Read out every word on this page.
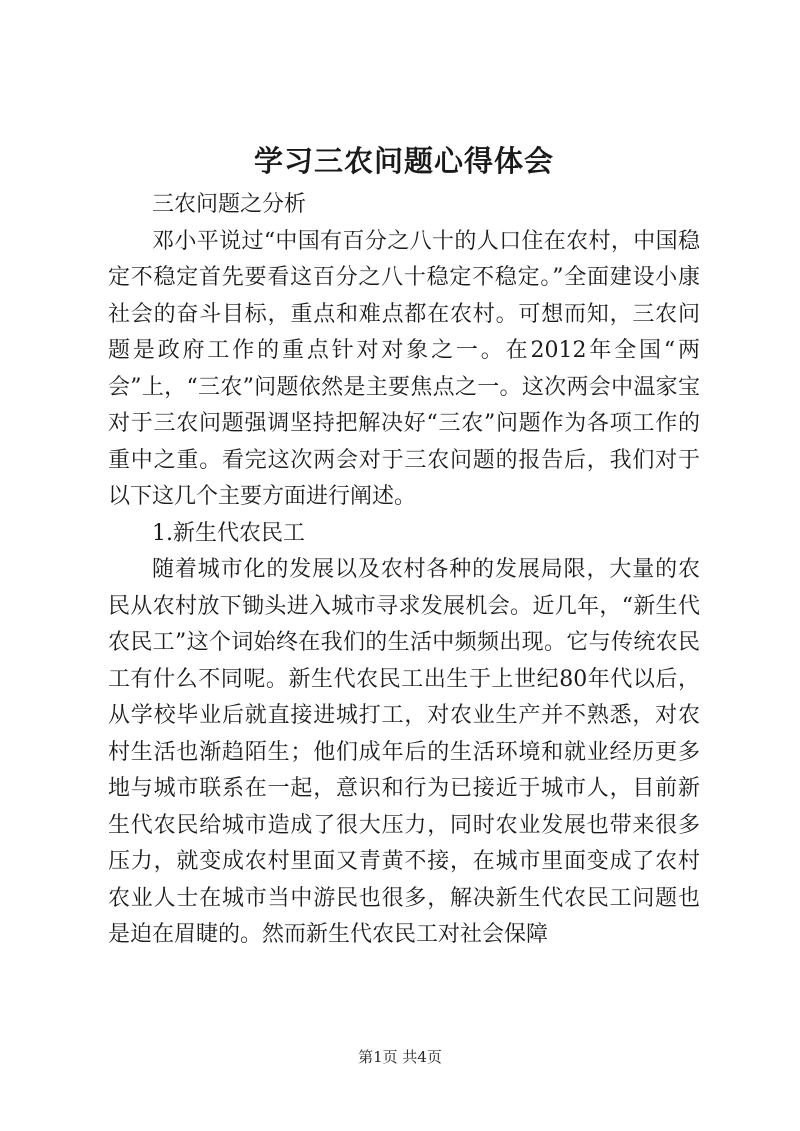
学习三农问题心得体会

三农问题之分析

邓小平说过“中国有百分之八十的人口住在农村，中国稳定不稳定首先要看这百分之八十稳定不稳定。”全面建设小康社会的奋斗目标，重点和难点都在农村。可想而知，三农问题是政府工作的重点针对对象之一。在2012年全国“两会”上，“三农”问题依然是主要焦点之一。这次两会中温家宝对于三农问题强调坚持把解决好“三农”问题作为各项工作的重中之重。看完这次两会对于三农问题的报告后，我们对于以下这几个主要方面进行阐述。

1.新生代农民工

随着城市化的发展以及农村各种的发展局限，大量的农民从农村放下锄头进入城市寻求发展机会。近几年，“新生代农民工”这个词始终在我们的生活中频频出现。它与传统农民工有什么不同呢。新生代农民工出生于上世纪80年代以后，从学校毕业后就直接进城打工，对农业生产并不熟悉，对农村生活也渐趋陌生；他们成年后的生活环境和就业经历更多地与城市联系在一起，意识和行为已接近于城市人，目前新生代农民给城市造成了很大压力，同时农业发展也带来很多压力，就变成农村里面又青黄不接，在城市里面变成了农村农业人士在城市当中游民也很多，解决新生代农民工问题也是迫在眉睫的。然而新生代农民工对社会保障

第1页 共4页
